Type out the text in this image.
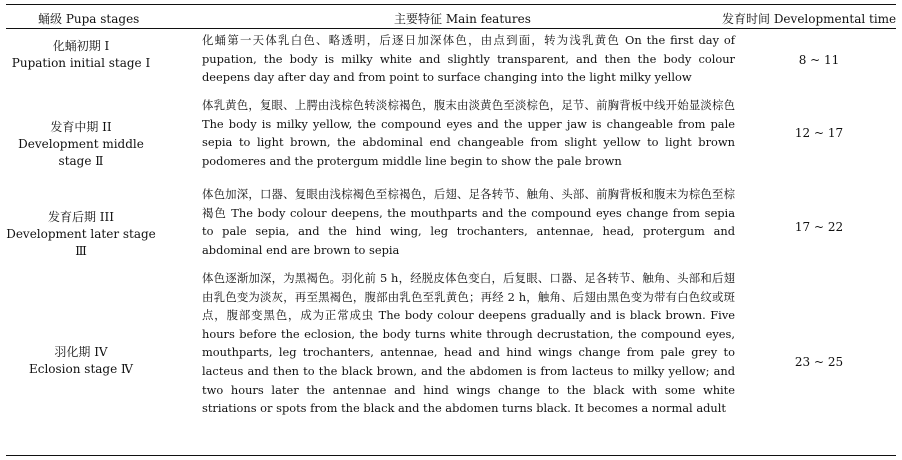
蛹级 Pupa stages	主要特征 Main features	发育时间 Developmental time
化蛹初期 I
Pupation initial stage Ⅰ
化蛹第一天体乳白色、略透明，后逐日加深体色，由点到面，转为浅乳黄色 On the first day of pupation, the body is milky white and slightly transparent, and then the body colour deepens day after day and from point to surface changing into the light milky yellow
8 ~ 11
发育中期 II
Development middle stage Ⅱ
体乳黄色，复眼、上腭由浅棕色转淡棕褐色，腹末由淡黄色至淡棕色，足节、前胸背板中线开始显淡棕色 The body is milky yellow, the compound eyes and the upper jaw is changeable from pale sepia to light brown, the abdominal end changeable from slight yellow to light brown podomeres and the protergum middle line begin to show the pale brown
12 ~ 17
发育后期 III
Development later stage Ⅲ
体色加深，口器、复眼由浅棕褐色至棕褐色，后翅、足各转节、触角、头部、前胸背板和腹末为棕色至棕褐色 The body colour deepens, the mouthparts and the compound eyes change from sepia to pale sepia, and the hind wing, leg trochanters, antennae, head, protergum and abdominal end are brown to sepia
17 ~ 22
羽化期 IV
Eclosion stage Ⅳ
体色逐渐加深，为黑褐色。羽化前 5 h，经脱皮体色变白，后复眼、口器、足各转节、触角、头部和后翅由乳色变为淡灰，再至黑褐色，腹部由乳色至乳黄色；再经 2 h，触角、后翅由黑色变为带有白色纹或斑点，腹部变黑色，成为正常成虫 The body colour deepens gradually and is black brown. Five hours before the eclosion, the body turns white through decrustation, the compound eyes, mouthparts, leg trochanters, antennae, head and hind wings change from pale grey to lacteus and then to the black brown, and the abdomen is from lacteus to milky yellow; and two hours later the antennae and hind wings change to the black with some white striations or spots from the black and the abdomen turns black. It becomes a normal adult
23 ~ 25
